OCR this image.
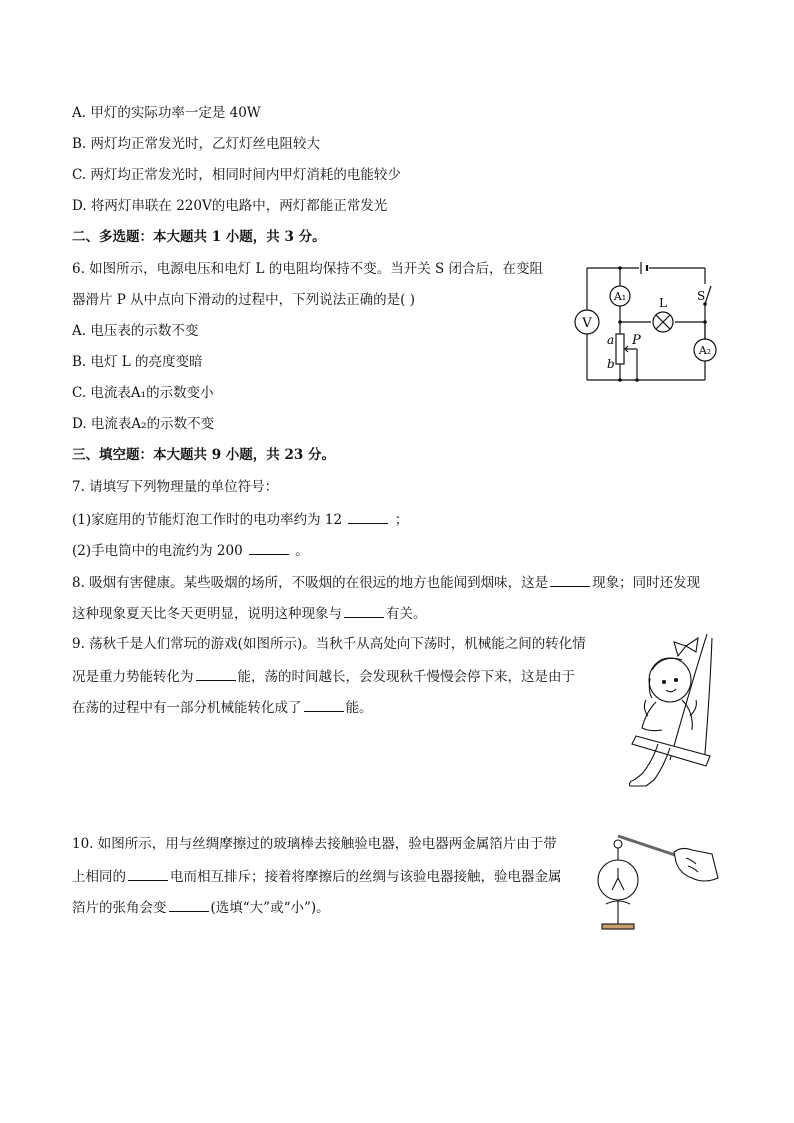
A. 甲灯的实际功率一定是 40W
B. 两灯均正常发光时，乙灯灯丝电阻较大
C. 两灯均正常发光时，相同时间内甲灯消耗的电能较少
D. 将两灯串联在 220V的电路中，两灯都能正常发光
二、多选题：本大题共 1 小题，共 3 分。
6. 如图所示，电源电压和电灯 L 的电阻均保持不变。当开关 S 闭合后，在变阻
器滑片 P 从中点向下滑动的过程中，下列说法正确的是( )
A. 电压表的示数不变
B. 电灯 L 的亮度变暗
C. 电流表A₁的示数变小
D. 电流表A₂的示数不变
V
A₁
A₂
L	S
a
b
P
三、填空题：本大题共 9 小题，共 23 分。
7. 请填写下列物理量的单位符号：
(1)家庭用的节能灯泡工作时的电功率约为 12	；
(2)手电筒中的电流约为 200	。
8. 吸烟有害健康。某些吸烟的场所，不吸烟的在很远的地方也能闻到烟味，这是	现象；同时还发现
这种现象夏天比冬天更明显，说明这种现象与	有关。
9. 荡秋千是人们常玩的游戏(如图所示)。当秋千从高处向下荡时，机械能之间的转化情
况是重力势能转化为	能，荡的时间越长，会发现秋千慢慢会停下来，这是由于
在荡的过程中有一部分机械能转化成了	能。
10. 如图所示，用与丝绸摩擦过的玻璃棒去接触验电器，验电器两金属箔片由于带
上相同的	电而相互排斥；接着将摩擦后的丝绸与该验电器接触，验电器金属
箔片的张角会变	(选填“大”或“小”)。
